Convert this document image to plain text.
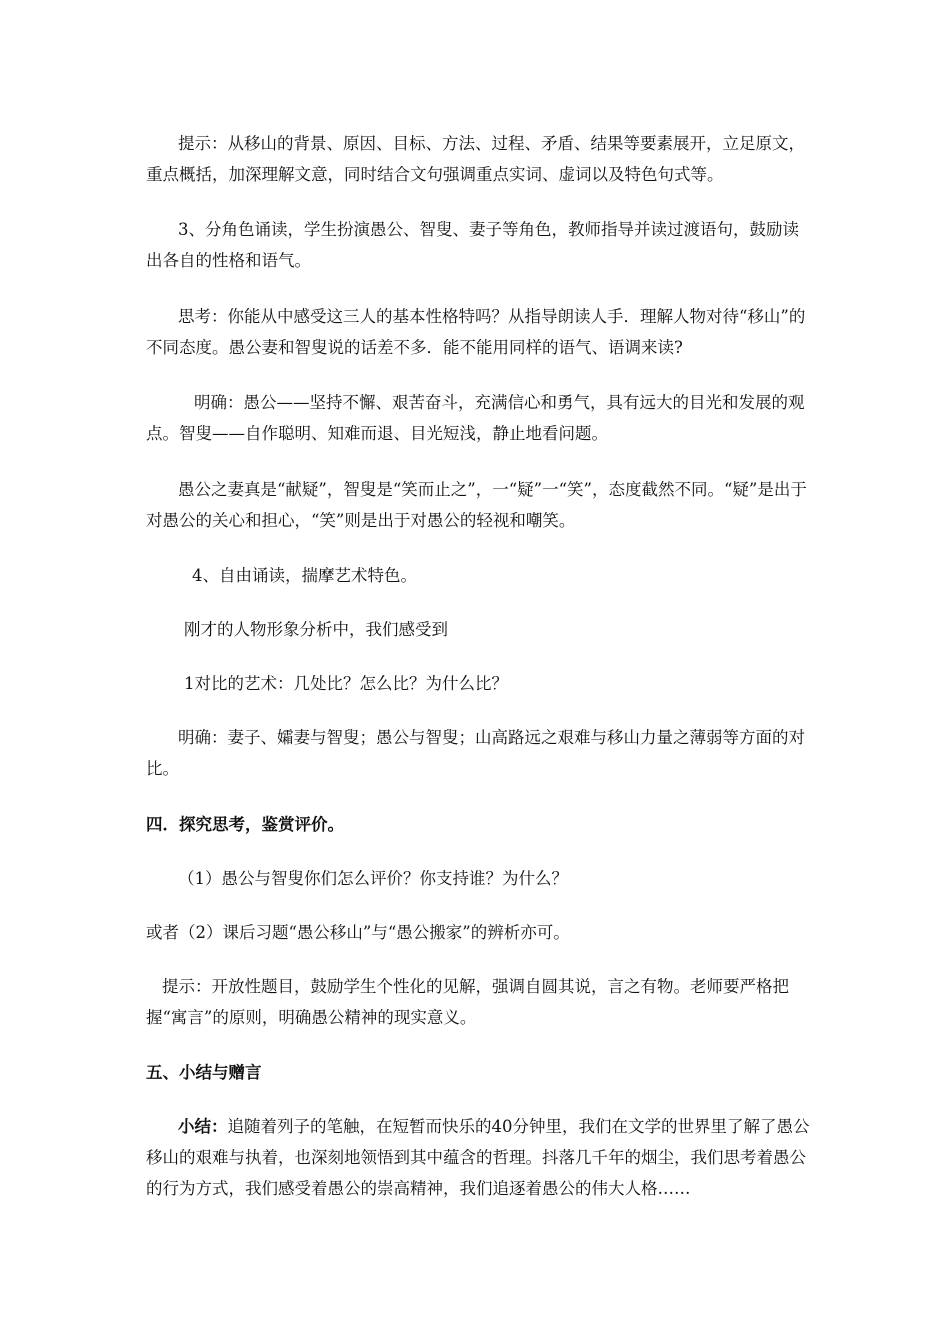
提示：从移山的背景、原因、目标、方法、过程、矛盾、结果等要素展开，立足原文，重点概括，加深理解文意，同时结合文句强调重点实词、虚词以及特色句式等。

3、分角色诵读，学生扮演愚公、智叟、妻子等角色，教师指导并读过渡语句，鼓励读出各自的性格和语气。

思考：你能从中感受这三人的基本性格特吗？从指导朗读人手．理解人物对待“移山”的不同态度。愚公妻和智叟说的话差不多．能不能用同样的语气、语调来读?

明确：愚公——坚持不懈、艰苦奋斗，充满信心和勇气，具有远大的目光和发展的观点。智叟——自作聪明、知难而退、目光短浅，静止地看问题。

愚公之妻真是“献疑”，智叟是“笑而止之”，一“疑”一“笑”，态度截然不同。“疑”是出于对愚公的关心和担心，“笑”则是出于对愚公的轻视和嘲笑。

4、自由诵读，揣摩艺术特色。

刚才的人物形象分析中，我们感受到

1对比的艺术：几处比？怎么比？为什么比？

明确：妻子、孀妻与智叟；愚公与智叟；山高路远之艰难与移山力量之薄弱等方面的对比。

四．探究思考，鉴赏评价。

（1）愚公与智叟你们怎么评价？你支持谁？为什么？

或者（2）课后习题“愚公移山”与“愚公搬家”的辨析亦可。

提示：开放性题目，鼓励学生个性化的见解，强调自圆其说，言之有物。老师要严格把握“寓言”的原则，明确愚公精神的现实意义。

五、小结与赠言

小结：追随着列子的笔触，在短暂而快乐的40分钟里，我们在文学的世界里了解了愚公移山的艰难与执着，也深刻地领悟到其中蕴含的哲理。抖落几千年的烟尘，我们思考着愚公的行为方式，我们感受着愚公的崇高精神，我们追逐着愚公的伟大人格……
